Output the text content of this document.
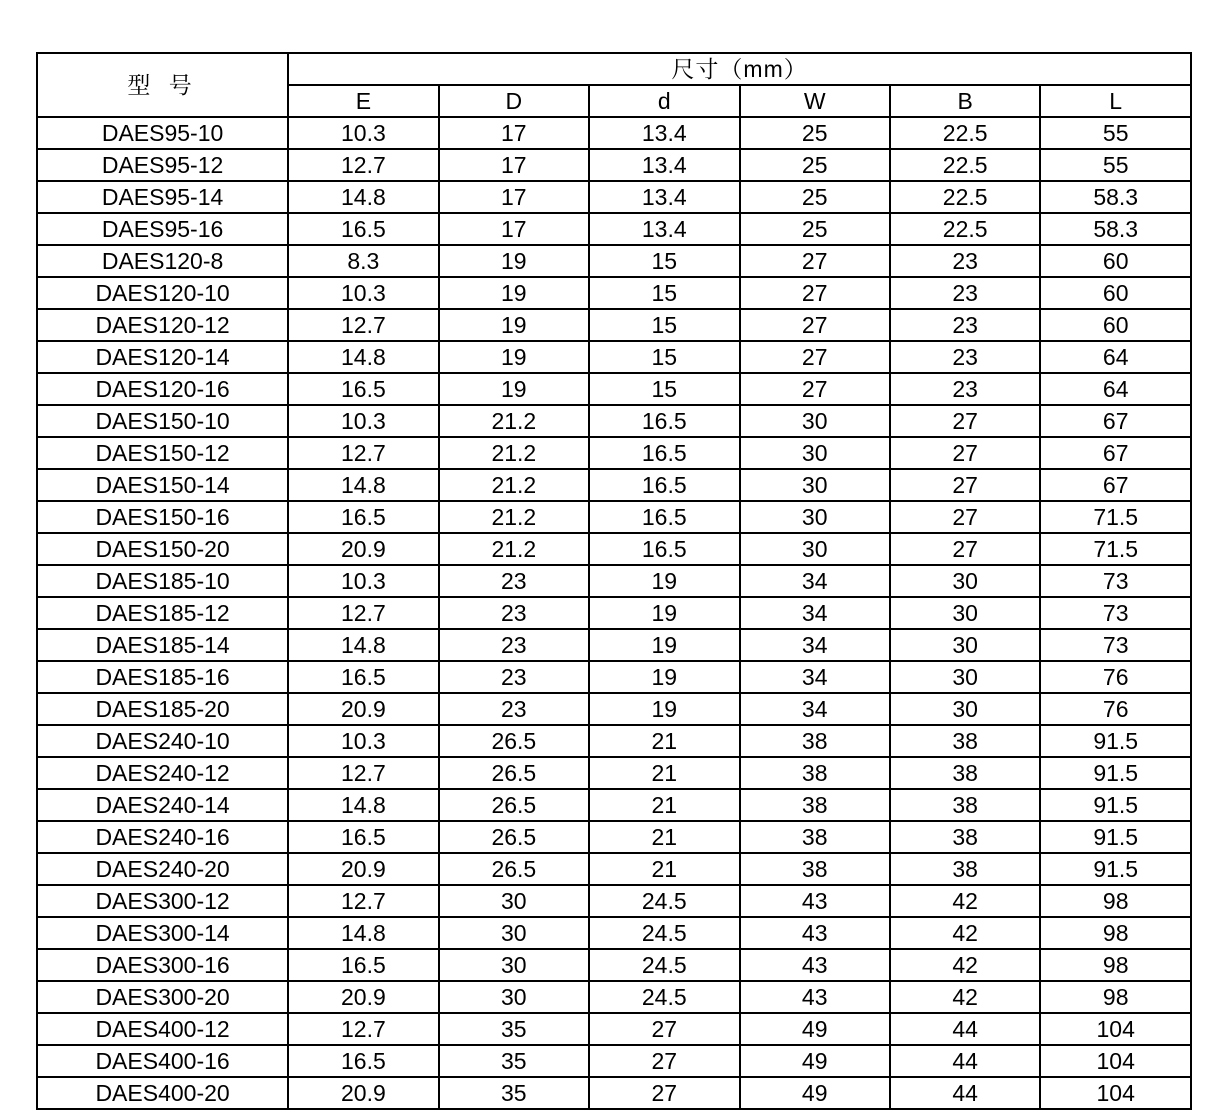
型 号	尺寸（mm）					
	E	D	d	W	B	L
DAES95-10	10.3	17	13.4	25	22.5	55
DAES95-12	12.7	17	13.4	25	22.5	55
DAES95-14	14.8	17	13.4	25	22.5	58.3
DAES95-16	16.5	17	13.4	25	22.5	58.3
DAES120-8	8.3	19	15	27	23	60
DAES120-10	10.3	19	15	27	23	60
DAES120-12	12.7	19	15	27	23	60
DAES120-14	14.8	19	15	27	23	64
DAES120-16	16.5	19	15	27	23	64
DAES150-10	10.3	21.2	16.5	30	27	67
DAES150-12	12.7	21.2	16.5	30	27	67
DAES150-14	14.8	21.2	16.5	30	27	67
DAES150-16	16.5	21.2	16.5	30	27	71.5
DAES150-20	20.9	21.2	16.5	30	27	71.5
DAES185-10	10.3	23	19	34	30	73
DAES185-12	12.7	23	19	34	30	73
DAES185-14	14.8	23	19	34	30	73
DAES185-16	16.5	23	19	34	30	76
DAES185-20	20.9	23	19	34	30	76
DAES240-10	10.3	26.5	21	38	38	91.5
DAES240-12	12.7	26.5	21	38	38	91.5
DAES240-14	14.8	26.5	21	38	38	91.5
DAES240-16	16.5	26.5	21	38	38	91.5
DAES240-20	20.9	26.5	21	38	38	91.5
DAES300-12	12.7	30	24.5	43	42	98
DAES300-14	14.8	30	24.5	43	42	98
DAES300-16	16.5	30	24.5	43	42	98
DAES300-20	20.9	30	24.5	43	42	98
DAES400-12	12.7	35	27	49	44	104
DAES400-16	16.5	35	27	49	44	104
DAES400-20	20.9	35	27	49	44	104
